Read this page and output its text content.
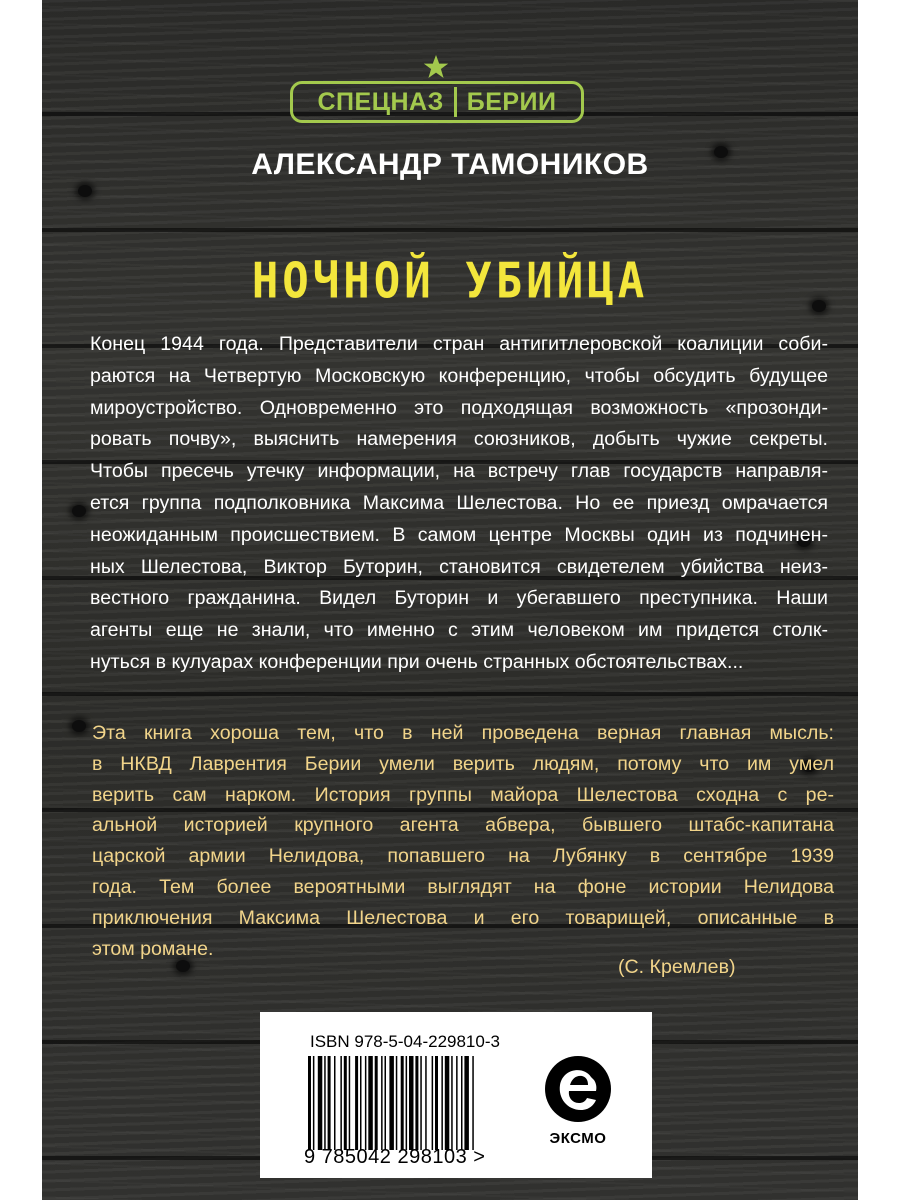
СПЕЦНАЗ БЕРИИ
АЛЕКСАНДР ТАМОНИКОВ
НОЧНОЙ УБИЙЦА
Конец 1944 года. Представители стран антигитлеровской коалиции соби-
раются на Четвертую Московскую конференцию, чтобы обсудить будущее
мироустройство. Одновременно это подходящая возможность «прозонди-
ровать почву», выяснить намерения союзников, добыть чужие секреты.
Чтобы пресечь утечку информации, на встречу глав государств направля-
ется группа подполковника Максима Шелестова. Но ее приезд омрачается
неожиданным происшествием. В самом центре Москвы один из подчинен-
ных Шелестова, Виктор Буторин, становится свидетелем убийства неиз-
вестного гражданина. Видел Буторин и убегавшего преступника. Наши
агенты еще не знали, что именно с этим человеком им придется столк-
нуться в кулуарах конференции при очень странных обстоятельствах...
Эта книга хороша тем, что в ней проведена верная главная мысль:
в НКВД Лаврентия Берии умели верить людям, потому что им умел
верить сам нарком. История группы майора Шелестова сходна с ре-
альной историей крупного агента абвера, бывшего штабс-капитана
царской армии Нелидова, попавшего на Лубянку в сентябре 1939
года. Тем более вероятными выглядят на фоне истории Нелидова
приключения Максима Шелестова и его товарищей, описанные в
этом романе.
(С. Кремлев)
ISBN 978-5-04-229810-3
9 785042 298103 >
ЭКСМО
